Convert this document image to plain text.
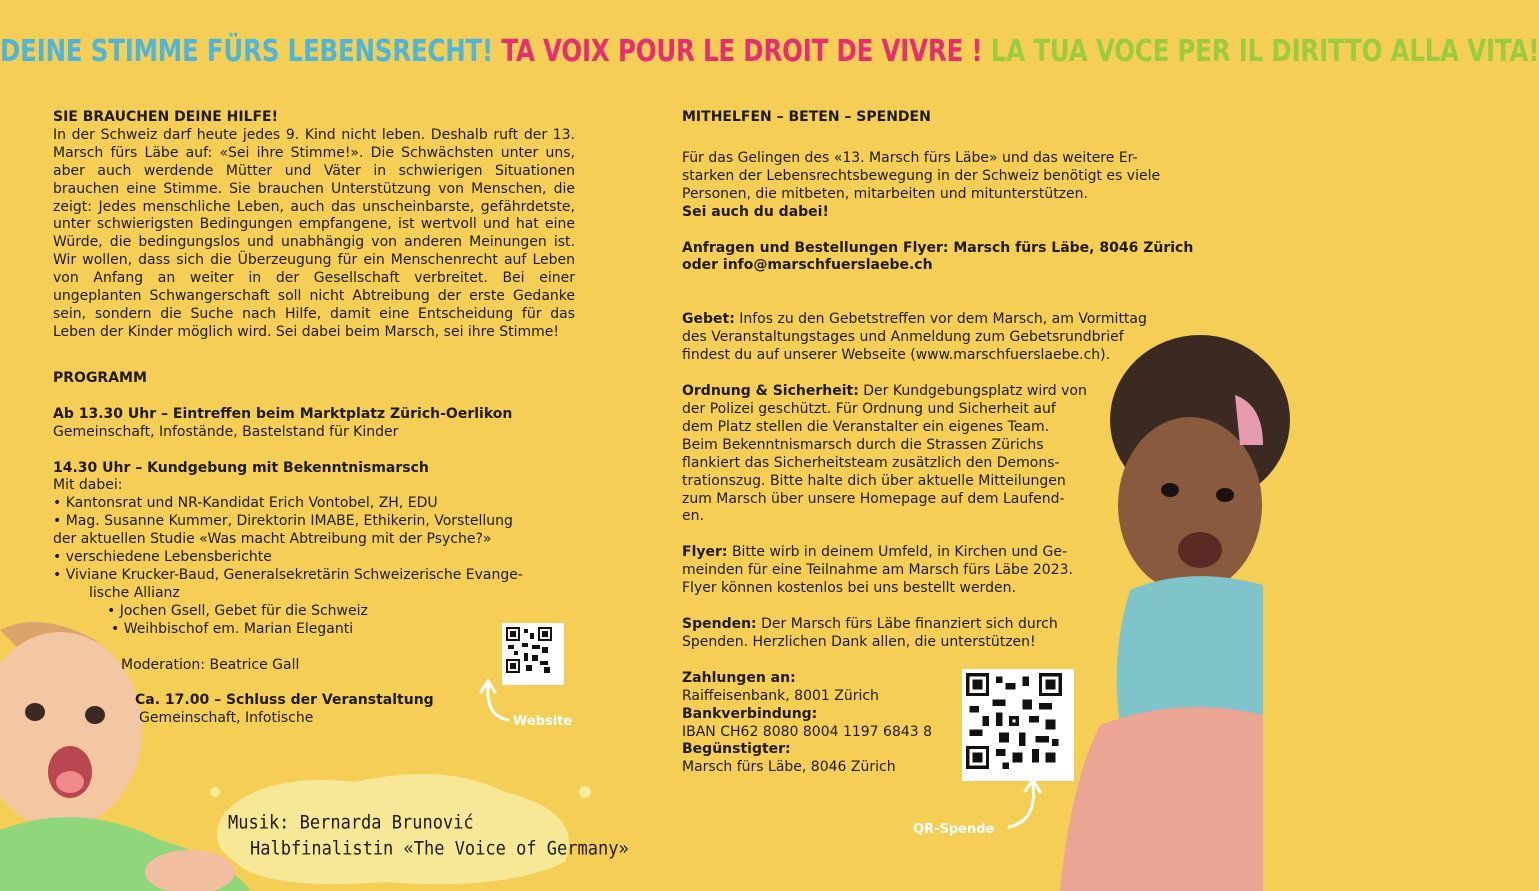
DEINE STIMME FÜRS LEBENSRECHT! TA VOIX POUR LE DROIT DE VIVRE ! LA TUA VOCE PER IL DIRITTO ALLA VITA!

SIE BRAUCHEN DEINE HILFE!

In der Schweiz darf heute jedes 9. Kind nicht leben. Deshalb ruft der 13. Marsch fürs Läbe auf: «Sei ihre Stimme!». Die Schwächsten unter uns, aber auch werdende Mütter und Väter in schwierigen Situationen brauchen eine Stimme. Sie brauchen Unterstützung von Menschen, die zeigt: Jedes menschliche Leben, auch das unscheinbarste, gefährdetste, unter schwierigsten Bedingungen empfangene, ist wertvoll und hat eine Würde, die bedingungslos und unabhängig von anderen Meinungen ist. Wir wollen, dass sich die Überzeugung für ein Menschenrecht auf Leben von Anfang an weiter in der Gesellschaft verbreitet. Bei einer ungeplanten Schwangerschaft soll nicht Abtreibung der erste Gedanke sein, sondern die Suche nach Hilfe, damit eine Entscheidung für das Leben der Kinder möglich wird. Sei dabei beim Marsch, sei ihre Stimme!

PROGRAMM

Ab 13.30 Uhr – Eintreffen beim Marktplatz Zürich-Oerlikon

Gemeinschaft, Infostände, Bastelstand für Kinder

14.30 Uhr – Kundgebung mit Bekenntnismarsch

Mit dabei:

• Kantonsrat und NR-Kandidat Erich Vontobel, ZH, EDU

• Mag. Susanne Kummer, Direktorin IMABE, Ethikerin, Vorstellung

der aktuellen Studie «Was macht Abtreibung mit der Psyche?»

• verschiedene Lebensberichte

• Viviane Krucker-Baud, Generalsekretärin Schweizerische Evange-

lische Allianz

• Jochen Gsell, Gebet für die Schweiz

• Weihbischof em. Marian Eleganti

Moderation: Beatrice Gall

Ca. 17.00 – Schluss der Veranstaltung

Gemeinschaft, Infotische	Website
Musik: Bernarda Brunović
Halbfinalistin «The Voice of Germany»

MITHELFEN – BETEN – SPENDEN

Für das Gelingen des «13. Marsch fürs Läbe» und das weitere Er-

starken der Lebensrechtsbewegung in der Schweiz benötigt es viele

Personen, die mitbeten, mitarbeiten und mitunterstützen.

Sei auch du dabei!

Anfragen und Bestellungen Flyer: Marsch fürs Läbe, 8046 Zürich

oder info@marschfuerslaebe.ch

Gebet: Infos zu den Gebetstreffen vor dem Marsch, am Vormittag

des Veranstaltungstages und Anmeldung zum Gebetsrundbrief

findest du auf unserer Webseite (www.marschfuerslaebe.ch).

Ordnung & Sicherheit: Der Kundgebungsplatz wird von

der Polizei geschützt. Für Ordnung und Sicherheit auf

dem Platz stellen die Veranstalter ein eigenes Team.

Beim Bekenntnismarsch durch die Strassen Zürichs

flankiert das Sicherheitsteam zusätzlich den Demons-

trationszug. Bitte halte dich über aktuelle Mitteilungen

zum Marsch über unsere Homepage auf dem Laufend-

en.

Flyer: Bitte wirb in deinem Umfeld, in Kirchen und Ge-

meinden für eine Teilnahme am Marsch fürs Läbe 2023.

Flyer können kostenlos bei uns bestellt werden.

Spenden: Der Marsch fürs Läbe finanziert sich durch

Spenden. Herzlichen Dank allen, die unterstützen!

Zahlungen an:

Raiffeisenbank, 8001 Zürich

Bankverbindung:

IBAN CH62 8080 8004 1197 6843 8

Begünstigter:

Marsch fürs Läbe, 8046 Zürich

QR-Spende
